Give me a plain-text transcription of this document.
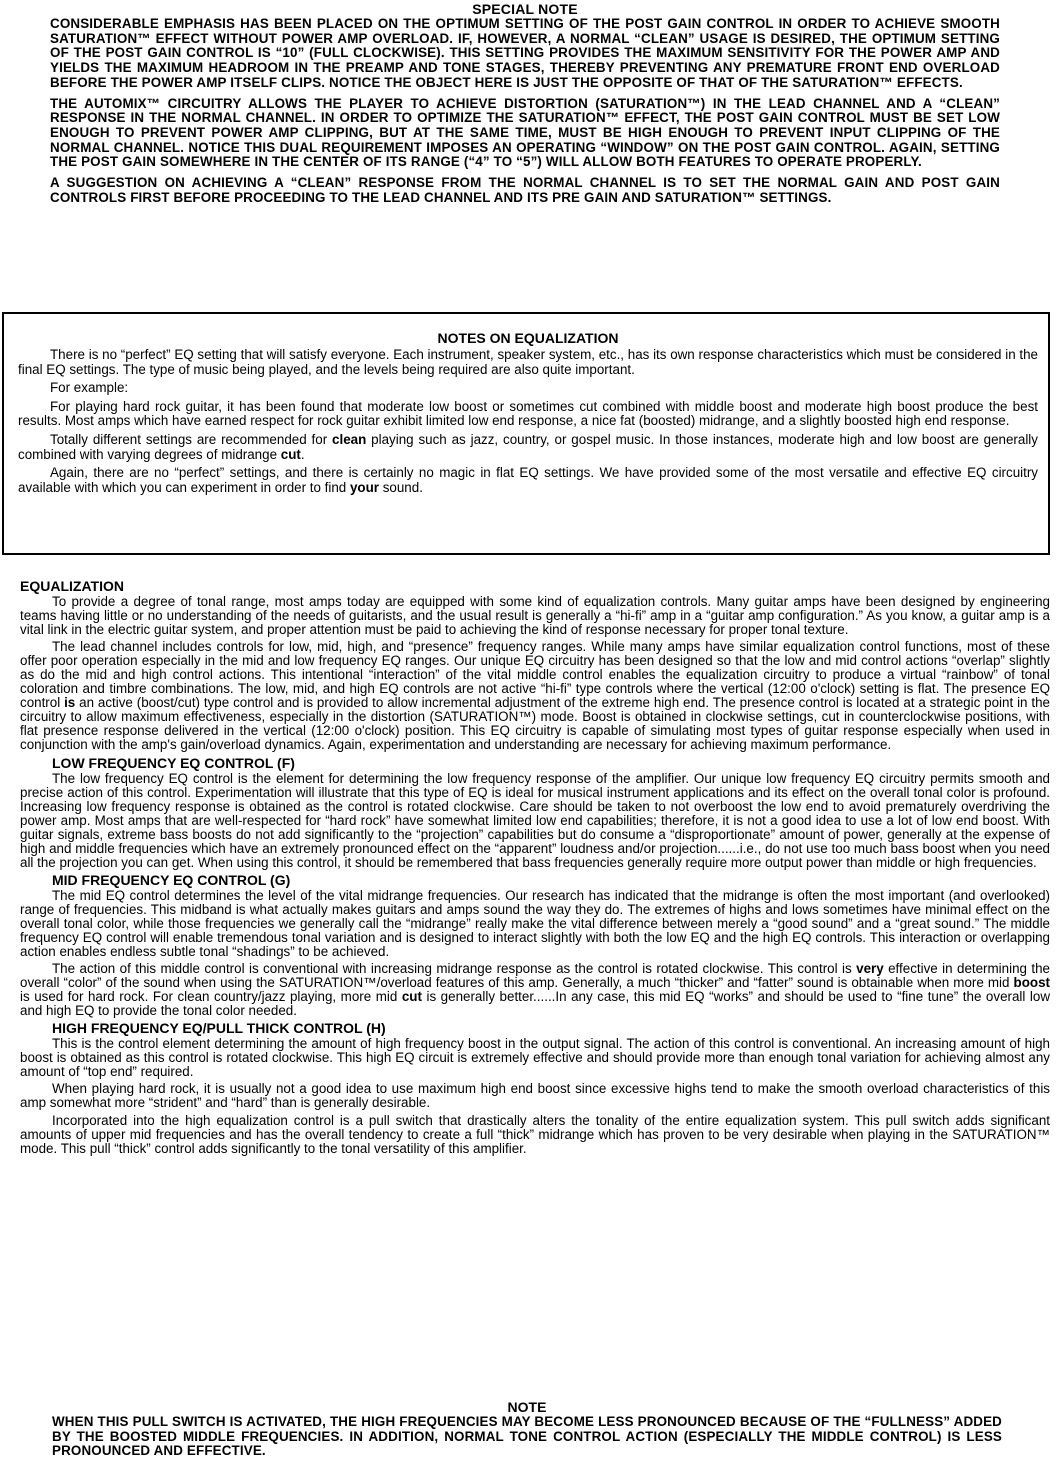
SPECIAL NOTE

CONSIDERABLE EMPHASIS HAS BEEN PLACED ON THE OPTIMUM SETTING OF THE POST GAIN CONTROL IN ORDER TO ACHIEVE SMOOTH SATURATION™ EFFECT WITHOUT POWER AMP OVERLOAD. IF, HOWEVER, A NORMAL “CLEAN” USAGE IS DESIRED, THE OPTIMUM SETTING OF THE POST GAIN CONTROL IS “10” (FULL CLOCKWISE). THIS SETTING PROVIDES THE MAXIMUM SENSITIVITY FOR THE POWER AMP AND YIELDS THE MAXIMUM HEADROOM IN THE PREAMP AND TONE STAGES, THEREBY PREVENTING ANY PREMATURE FRONT END OVERLOAD BEFORE THE POWER AMP ITSELF CLIPS. NOTICE THE OBJECT HERE IS JUST THE OPPOSITE OF THAT OF THE SATURATION™ EFFECTS.

THE AUTOMIX™ CIRCUITRY ALLOWS THE PLAYER TO ACHIEVE DISTORTION (SATURATION™) IN THE LEAD CHANNEL AND A “CLEAN” RESPONSE IN THE NORMAL CHANNEL. IN ORDER TO OPTIMIZE THE SATURATION™ EFFECT, THE POST GAIN CONTROL MUST BE SET LOW ENOUGH TO PREVENT POWER AMP CLIPPING, BUT AT THE SAME TIME, MUST BE HIGH ENOUGH TO PREVENT INPUT CLIPPING OF THE NORMAL CHANNEL. NOTICE THIS DUAL REQUIREMENT IMPOSES AN OPERATING “WINDOW” ON THE POST GAIN CONTROL. AGAIN, SETTING THE POST GAIN SOMEWHERE IN THE CENTER OF ITS RANGE (“4” TO “5”) WILL ALLOW BOTH FEATURES TO OPERATE PROPERLY.

A SUGGESTION ON ACHIEVING A “CLEAN” RESPONSE FROM THE NORMAL CHANNEL IS TO SET THE NORMAL GAIN AND POST GAIN CONTROLS FIRST BEFORE PROCEEDING TO THE LEAD CHANNEL AND ITS PRE GAIN AND SATURATION™ SETTINGS.

NOTES ON EQUALIZATION

There is no “perfect” EQ setting that will satisfy everyone. Each instrument, speaker system, etc., has its own response characteristics which must be considered in the final EQ settings. The type of music being played, and the levels being required are also quite important.

For example:

For playing hard rock guitar, it has been found that moderate low boost or sometimes cut combined with middle boost and moderate high boost produce the best results. Most amps which have earned respect for rock guitar exhibit limited low end response, a nice fat (boosted) midrange, and a slightly boosted high end response.

Totally different settings are recommended for clean playing such as jazz, country, or gospel music. In those instances, moderate high and low boost are generally combined with varying degrees of midrange cut.

Again, there are no “perfect” settings, and there is certainly no magic in flat EQ settings. We have provided some of the most versatile and effective EQ circuitry available with which you can experiment in order to find your sound.

EQUALIZATION

To provide a degree of tonal range, most amps today are equipped with some kind of equalization controls. Many guitar amps have been designed by engineering teams having little or no understanding of the needs of guitarists, and the usual result is generally a “hi-fi” amp in a “guitar amp configuration.” As you know, a guitar amp is a vital link in the electric guitar system, and proper attention must be paid to achieving the kind of response necessary for proper tonal texture.

The lead channel includes controls for low, mid, high, and “presence” frequency ranges. While many amps have similar equalization control functions, most of these offer poor operation especially in the mid and low frequency EQ ranges. Our unique EQ circuitry has been designed so that the low and mid control actions “overlap” slightly as do the mid and high control actions. This intentional “interaction” of the vital middle control enables the equalization circuitry to produce a virtual “rainbow” of tonal coloration and timbre combinations. The low, mid, and high EQ controls are not active “hi-fi” type controls where the vertical (12:00 o'clock) setting is flat. The presence EQ control is an active (boost/cut) type control and is provided to allow incremental adjustment of the extreme high end. The presence control is located at a strategic point in the circuitry to allow maximum effectiveness, especially in the distortion (SATURATION™) mode. Boost is obtained in clockwise settings, cut in counterclockwise positions, with flat presence response delivered in the vertical (12:00 o'clock) position. This EQ circuitry is capable of simulating most types of guitar response especially when used in conjunction with the amp's gain/overload dynamics. Again, experimentation and understanding are necessary for achieving maximum performance.

LOW FREQUENCY EQ CONTROL (F)

The low frequency EQ control is the element for determining the low frequency response of the amplifier. Our unique low frequency EQ circuitry permits smooth and precise action of this control. Experimentation will illustrate that this type of EQ is ideal for musical instrument applications and its effect on the overall tonal color is profound. Increasing low frequency response is obtained as the control is rotated clockwise. Care should be taken to not overboost the low end to avoid prematurely overdriving the power amp. Most amps that are well-respected for “hard rock” have somewhat limited low end capabilities; therefore, it is not a good idea to use a lot of low end boost. With guitar signals, extreme bass boosts do not add significantly to the “projection” capabilities but do consume a “disproportionate” amount of power, generally at the expense of high and middle frequencies which have an extremely pronounced effect on the “apparent” loudness and/or projection......i.e., do not use too much bass boost when you need all the projection you can get. When using this control, it should be remembered that bass frequencies generally require more output power than middle or high frequencies.

MID FREQUENCY EQ CONTROL (G)

The mid EQ control determines the level of the vital midrange frequencies. Our research has indicated that the midrange is often the most important (and overlooked) range of frequencies. This midband is what actually makes guitars and amps sound the way they do. The extremes of highs and lows sometimes have minimal effect on the overall tonal color, while those frequencies we generally call the “midrange” really make the vital difference between merely a “good sound” and a “great sound.” The middle frequency EQ control will enable tremendous tonal variation and is designed to interact slightly with both the low EQ and the high EQ controls. This interaction or overlapping action enables endless subtle tonal “shadings” to be achieved.

The action of this middle control is conventional with increasing midrange response as the control is rotated clockwise. This control is very effective in determining the overall “color” of the sound when using the SATURATION™/overload features of this amp. Generally, a much “thicker” and “fatter” sound is obtainable when more mid boost is used for hard rock. For clean country/jazz playing, more mid cut is generally better......In any case, this mid EQ “works” and should be used to “fine tune” the overall low and high EQ to provide the tonal color needed.

HIGH FREQUENCY EQ/PULL THICK CONTROL (H)

This is the control element determining the amount of high frequency boost in the output signal. The action of this control is conventional. An increasing amount of high boost is obtained as this control is rotated clockwise. This high EQ circuit is extremely effective and should provide more than enough tonal variation for achieving almost any amount of “top end” required.

When playing hard rock, it is usually not a good idea to use maximum high end boost since excessive highs tend to make the smooth overload characteristics of this amp somewhat more “strident” and “hard” than is generally desirable.

Incorporated into the high equalization control is a pull switch that drastically alters the tonality of the entire equalization system. This pull switch adds significant amounts of upper mid frequencies and has the overall tendency to create a full “thick” midrange which has proven to be very desirable when playing in the SATURATION™ mode. This pull “thick” control adds significantly to the tonal versatility of this amplifier.

NOTE

WHEN THIS PULL SWITCH IS ACTIVATED, THE HIGH FREQUENCIES MAY BECOME LESS PRONOUNCED BECAUSE OF THE “FULLNESS” ADDED BY THE BOOSTED MIDDLE FREQUENCIES. IN ADDITION, NORMAL TONE CONTROL ACTION (ESPECIALLY THE MIDDLE CONTROL) IS LESS PRONOUNCED AND EFFECTIVE.
